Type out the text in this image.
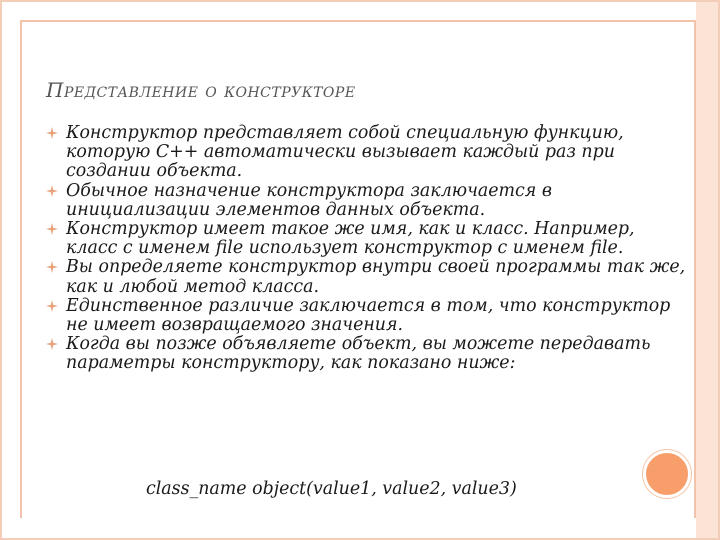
Представление о конструкторе
Конструктор представляет собой специальную функцию, которую C++ автоматически вызывает каждый раз при создании объекта.
Обычное назначение конструктора заключается в инициализации элементов данных объекта.
Конструктор имеет такое же имя, как и класс. Например, класс с именем file использует конструктор с именем file.
Вы определяете конструктор внутри своей программы так же, как и любой метод класса.
Единственное различие заключается в том, что конструктор не имеет возвращаемого значения.
Когда вы позже объявляете объект, вы можете передавать параметры конструктору, как показано ниже:
class_name object(value1, value2, value3)
